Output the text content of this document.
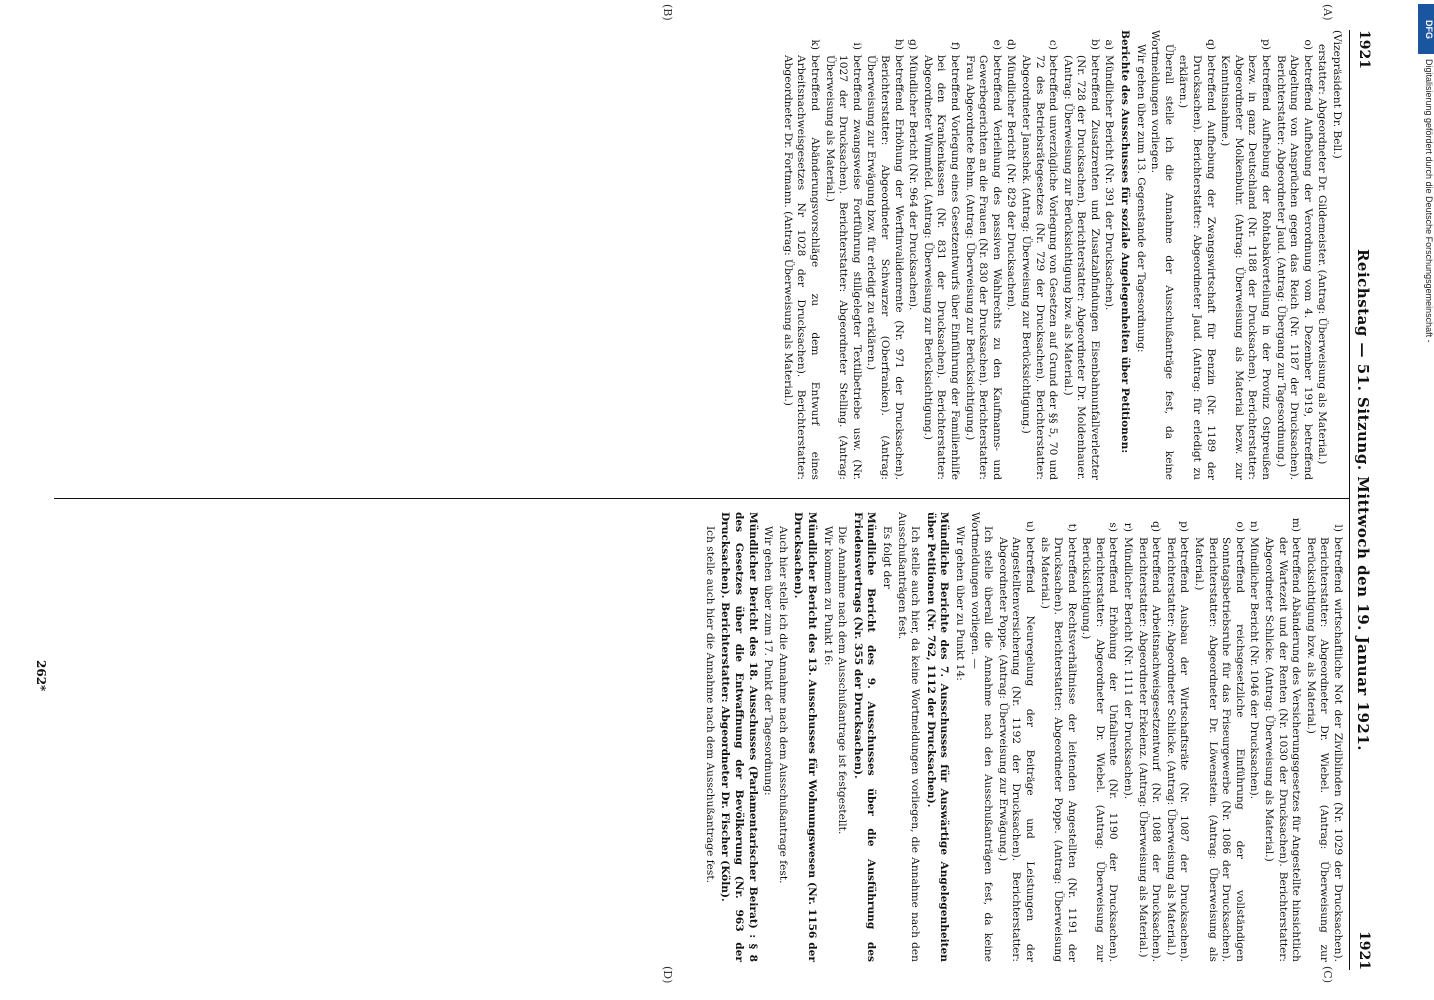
1921
Reichstag — 51. Sitzung. Mittwoch den 19. Januar 1921.
1921
(A)
(B)
(C)
(D)
(Vizepräsident Dr. Bell.)
erstatter: Abgeordneter Dr. Gildemeister. (Antrag: Überweisung als Material.)
o)
betreffend Aufhebung der Verordnung vom 4. Dezember 1919, betreffend Abgeltung von Ansprüchen gegen das Reich (Nr. 1187 der Drucksachen). Berichterstatter: Abgeordneter Jaud. (Antrag: Übergang zur Tagesordnung.)
p)
betreffend Aufhebung der Rohtabakverteilung in der Provinz Ostpreußen bezw. in ganz Deutschland (Nr. 1188 der Drucksachen). Berichterstatter: Abgeordneter Molkenbuhr. (Antrag: Überweisung als Material bezw. zur Kenntnisnahme.)
q)
betreffend Aufhebung der Zwangswirtschaft für Benzin (Nr. 1189 der Drucksachen). Berichterstatter: Abgeordneter Jaud. (Antrag: für erledigt zu erklären.)
Überall stelle ich die Annahme der Ausschußanträge fest, da keine Wortmeldungen vorliegen.
Wir gehen über zum 13. Gegenstande der Tagesordnung:
Berichte des Ausschusses für soziale Angelegenheiten über Petitionen:
a)
Mündlicher Bericht (Nr. 391 der Drucksachen).
b)
betreffend Zusatzrenten und Zusatzabfindungen Eisenbahnunfallverletzter (Nr. 728 der Drucksachen). Berichterstatter: Abgeordneter Dr. Moldenhauer. (Antrag: Überweisung zur Berücksichtigung bzw. als Material.)
c)
betreffend unverzügliche Vorlegung von Gesetzen auf Grund der §§ 5, 70 und 72 des Betriebsrätegesetzes (Nr. 729 der Drucksachen). Berichterstatter: Abgeordneter Janschek. (Antrag: Überweisung zur Berücksichtigung.)
d)
Mündlicher Bericht (Nr. 829 der Drucksachen).
e)
betreffend Verleihung des passiven Wahlrechts zu den Kaufmanns- und Gewerbegerichten an die Frauen (Nr. 830 der Drucksachen). Berichterstatter: Frau Abgeordnete Behm. (Antrag: Überweisung zur Berücksichtigung.)
f)
betreffend Vorlegung eines Gesetzentwurfs über Einführung der Familienhilfe bei den Krankenkassen (Nr. 831 der Drucksachen). Berichterstatter: Abgeordneter Wimmfeld. (Antrag: Überweisung zur Berücksichtigung.)
g)
Mündlicher Bericht (Nr. 964 der Drucksachen).
h)
betreffend Erhöhung der Werftinvalidenrente (Nr. 971 der Drucksachen). Berichterstatter: Abgeordneter Schwarzer (Oberfranken). (Antrag: Überweisung zur Erwägung bzw. für erledigt zu erklären.)
i)
betreffend zwangsweise Fortführung stillgelegter Textilbetriebe usw. (Nr. 1027 der Drucksachen). Berichterstatter: Abgeordneter Stelling. (Antrag: Überweisung als Material.)
k)
betreffend Abänderungsvorschläge zu dem Entwurf eines Arbeitsnachweisgesetzes Nr 1028 der Drucksachen). Berichterstatter: Abgeordneter Dr. Fortmann. (Antrag: Überweisung als Material.)
l)
betreffend wirtschaftliche Not der Zivilblinden (Nr. 1029 der Drucksachen). Berichterstatter: Abgeordneter Dr. Wiebel. (Antrag: Überweisung zur Berücksichtigung bzw. als Material.)
m)
betreffend Abänderung des Versicherungsgesetzes für Angestellte hinsichtlich der Wartezeit und der Renten (Nr. 1030 der Drucksachen). Berichterstatter: Abgeordneter Schlicke. (Antrag: Überweisung als Material.)
n)
Mündlicher Bericht (Nr. 1046 der Drucksachen).
o)
betreffend reichsgesetzliche Einführung der vollständigen Sonntagsbetriebsruhe für das Friseurgewerbe (Nr. 1086 der Drucksachen). Berichterstatter: Abgeordneter Dr. Löwenstein. (Antrag: Überweisung als Material.)
p)
betreffend Ausbau der Wirtschaftsräte (Nr. 1087 der Drucksachen). Berichterstatter: Abgeordneter Schlicke. (Antrag: Überweisung als Material.)
q)
betreffend Arbeitsnachweisgesetzentwurf (Nr. 1088 der Drucksachen). Berichterstatter: Abgeordneter Erkelenz. (Antrag: Überweisung als Material.)
r)
Mündlicher Bericht (Nr. 1111 der Drucksachen).
s)
betreffend Erhöhung der Unfallrente (Nr. 1190 der Drucksachen). Berichterstatter: Abgeordneter Dr. Wiebel. (Antrag: Überweisung zur Berücksichtigung.)
t)
betreffend Rechtsverhältnisse der leitenden Angestellten (Nr. 1191 der Drucksachen). Berichterstatter: Abgeordneter Poppe. (Antrag: Überweisung als Material.)
u)
betreffend Neuregelung der Beiträge und Leistungen der Angestelltenversicherung (Nr. 1192 der Drucksachen). Berichterstatter: Abgeordneter Poppe. (Antrag: Überweisung zur Erwägung.)
Ich stelle überall die Annahme nach den Ausschußanträgen fest, da keine Wortmeldungen vorliegen. —
Wir gehen über zu Punkt 14:
Mündliche Berichte des 7. Ausschusses für Auswärtige Angelegenheiten über Petitionen (Nr. 762, 1112 der Drucksachen).
Ich stelle auch hier, da keine Wortmeldungen vorliegen, die Annahme nach den Ausschußanträgen fest.
Es folgt der
Mündliche Bericht des 9. Ausschusses über die Ausführung des Friedensvertrags (Nr. 355 der Drucksachen).
Die Annahme nach dem Ausschußantrage ist festgestellt.
Wir kommen zu Punkt 16:
Mündlicher Bericht des 13. Ausschusses für Wohnungswesen (Nr. 1156 der Drucksachen).
Auch hier stelle ich die Annahme nach dem Ausschußantrage fest.
Wir gehen über zum 17. Punkt der Tagesordnung:
Mündlicher Bericht des 18. Ausschusses (Parlamentarischer Beirat) : § 8 des Gesetzes über die Entwaffnung der Bevölkerung (Nr. 963 der Drucksachen). Berichterstatter: Abgeordneter Dr. Fischer (Köln).
Ich stelle auch hier die Annahme nach dem Ausschußantrage fest.
262*
DFG
Digitalisierung gefördert durch die Deutsche Forschungsgemeinschaft -
